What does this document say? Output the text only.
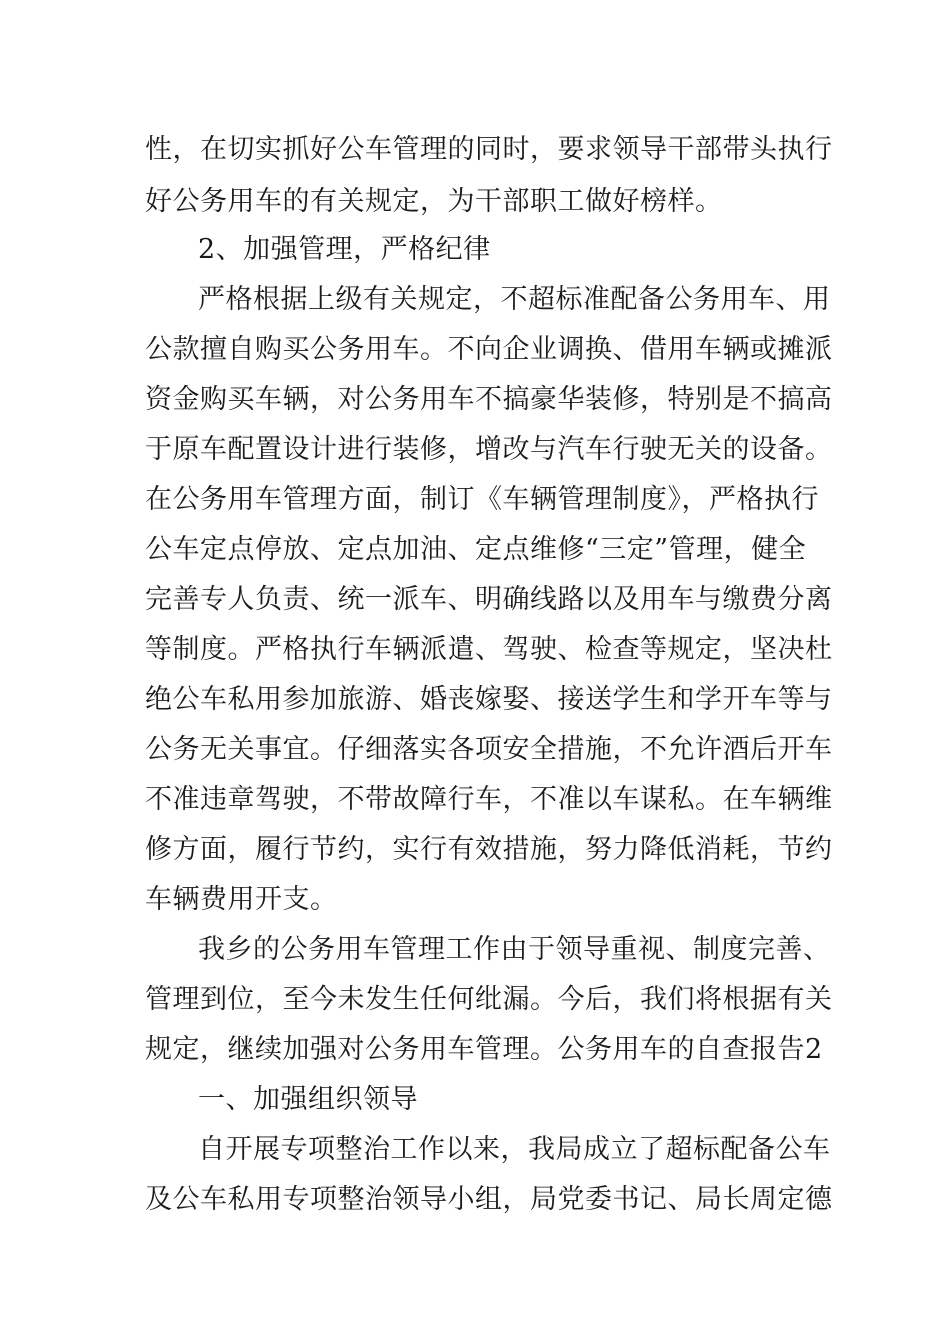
性，在切实抓好公车管理的同时，要求领导干部带头执行
好公务用车的有关规定，为干部职工做好榜样。
2、加强管理，严格纪律
严格根据上级有关规定，不超标准配备公务用车、用
公款擅自购买公务用车。不向企业调换、借用车辆或摊派
资金购买车辆，对公务用车不搞豪华装修，特别是不搞高
于原车配置设计进行装修，增改与汽车行驶无关的设备。
在公务用车管理方面，制订《车辆管理制度》，严格执行
公车定点停放、定点加油、定点维修“三定”管理，健全
完善专人负责、统一派车、明确线路以及用车与缴费分离
等制度。严格执行车辆派遣、驾驶、检查等规定，坚决杜
绝公车私用参加旅游、婚丧嫁娶、接送学生和学开车等与
公务无关事宜。仔细落实各项安全措施，不允许酒后开车
不准违章驾驶，不带故障行车，不准以车谋私。在车辆维
修方面，履行节约，实行有效措施，努力降低消耗，节约
车辆费用开支。
我乡的公务用车管理工作由于领导重视、制度完善、
管理到位，至今未发生任何纰漏。今后，我们将根据有关
规定，继续加强对公务用车管理。公务用车的自查报告2
一、加强组织领导
自开展专项整治工作以来，我局成立了超标配备公车
及公车私用专项整治领导小组，局党委书记、局长周定德
